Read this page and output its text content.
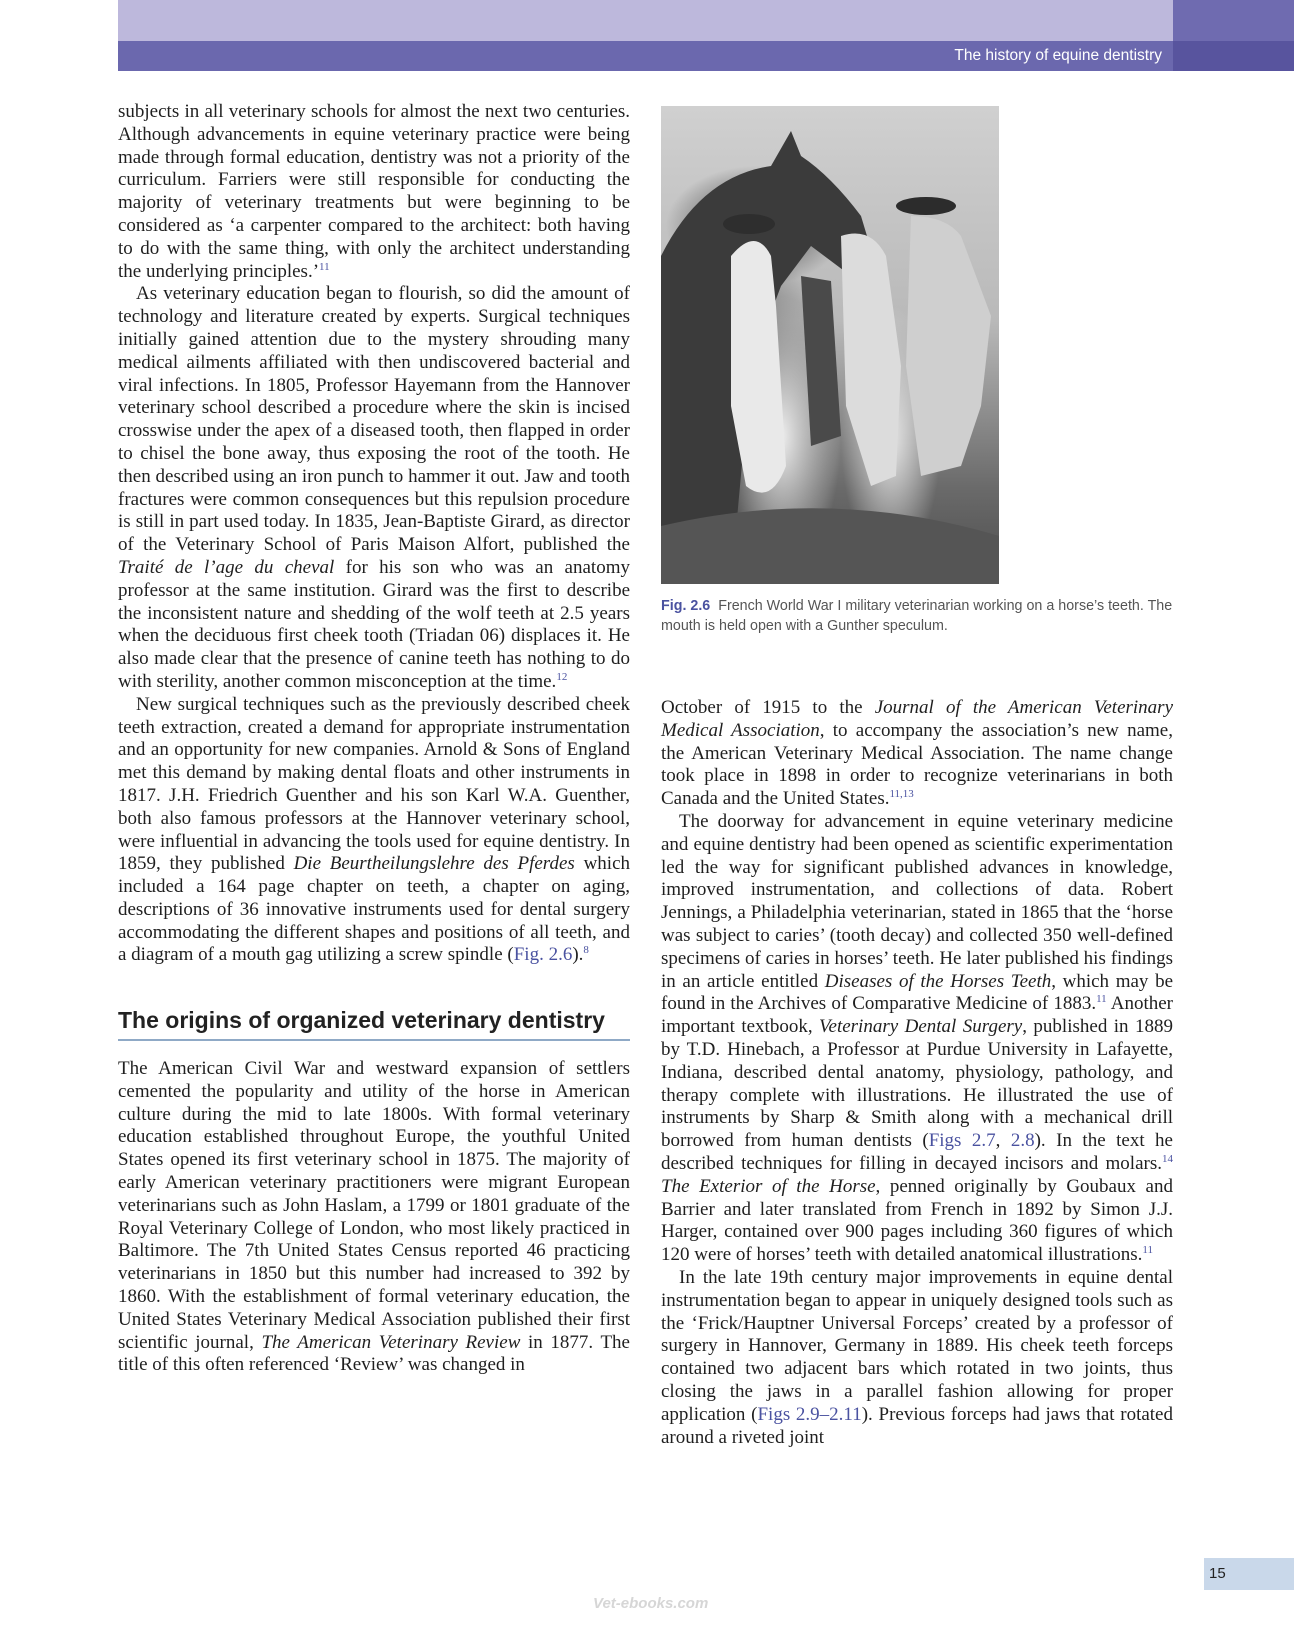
The history of equine dentistry

subjects in all veterinary schools for almost the next two centuries. Although advancements in equine veterinary practice were being made through formal education, dentistry was not a priority of the curriculum. Farriers were still responsible for conducting the majority of veterinary treatments but were beginning to be considered as ‘a carpenter compared to the architect: both having to do with the same thing, with only the architect understanding the underlying principles.’$^{11}$

As veterinary education began to flourish, so did the amount of technology and literature created by experts. Surgical techniques initially gained attention due to the mystery shrouding many medical ailments affiliated with then undiscovered bacterial and viral infections. In 1805, Professor Hayemann from the Hannover veterinary school described a procedure where the skin is incised crosswise under the apex of a diseased tooth, then flapped in order to chisel the bone away, thus exposing the root of the tooth. He then described using an iron punch to hammer it out. Jaw and tooth fractures were common consequences but this repulsion procedure is still in part used today. In 1835, Jean-Baptiste Girard, as director of the Veterinary School of Paris Maison Alfort, published the Traité de l’age du cheval for his son who was an anatomy professor at the same institution. Girard was the first to describe the inconsistent nature and shedding of the wolf teeth at 2.5 years when the deciduous first cheek tooth (Triadan 06) displaces it. He also made clear that the presence of canine teeth has nothing to do with sterility, another common misconception at the time.$^{12}$

New surgical techniques such as the previously described cheek teeth extraction, created a demand for appropriate instrumentation and an opportunity for new companies. Arnold & Sons of England met this demand by making dental floats and other instruments in 1817. J.H. Friedrich Guenther and his son Karl W.A. Guenther, both also famous professors at the Hannover veterinary school, were influential in advancing the tools used for equine dentistry. In 1859, they published Die Beurtheilungslehre des Pferdes which included a 164 page chapter on teeth, a chapter on aging, descriptions of 36 innovative instruments used for dental surgery accommodating the different shapes and positions of all teeth, and a diagram of a mouth gag utilizing a screw spindle (Fig. 2.6).$^8$

The origins of organized veterinary dentistry

The American Civil War and westward expansion of settlers cemented the popularity and utility of the horse in American culture during the mid to late 1800s. With formal veterinary education established throughout Europe, the youthful United States opened its first veterinary school in 1875. The majority of early American veterinary practitioners were migrant European veterinarians such as John Haslam, a 1799 or 1801 graduate of the Royal Veterinary College of London, who most likely practiced in Baltimore. The 7th United States Census reported 46 practicing veterinarians in 1850 but this number had increased to 392 by 1860. With the establishment of formal veterinary education, the United States Veterinary Medical Association published their first scientific journal, The American Veterinary Review in 1877. The title of this often referenced ‘Review’ was changed in

Fig. 2.6 French World War I military veterinarian working on a horse’s teeth. The mouth is held open with a Gunther speculum.

October of 1915 to the Journal of the American Veterinary Medical Association, to accompany the association’s new name, the American Veterinary Medical Association. The name change took place in 1898 in order to recognize veterinarians in both Canada and the United States.$^{11,13}$

The doorway for advancement in equine veterinary medicine and equine dentistry had been opened as scientific experimentation led the way for significant published advances in knowledge, improved instrumentation, and collections of data. Robert Jennings, a Philadelphia veterinarian, stated in 1865 that the ‘horse was subject to caries’ (tooth decay) and collected 350 well-defined specimens of caries in horses’ teeth. He later published his findings in an article entitled Diseases of the Horses Teeth, which may be found in the Archives of Comparative Medicine of 1883.11 Another important textbook, Veterinary Dental Surgery, published in 1889 by T.D. Hinebach, a Professor at Purdue University in Lafayette, Indiana, described dental anatomy, physiology, pathology, and therapy complete with illustrations. He illustrated the use of instruments by Sharp & Smith along with a mechanical drill borrowed from human dentists (Figs 2.7, 2.8). In the text he described techniques for filling in decayed incisors and molars.$^{14}$ The Exterior of the Horse, penned originally by Goubaux and Barrier and later translated from French in 1892 by Simon J.J. Harger, contained over 900 pages including 360 figures of which 120 were of horses’ teeth with detailed anatomical illustrations.$^{11}$

In the late 19th century major improvements in equine dental instrumentation began to appear in uniquely designed tools such as the ‘Frick/Hauptner Universal Forceps’ created by a professor of surgery in Hannover, Germany in 1889. His cheek teeth forceps contained two adjacent bars which rotated in two joints, thus closing the jaws in a parallel fashion allowing for proper application (Figs 2.9–2.11). Previous forceps had jaws that rotated around a riveted joint

15
Vet-ebooks.com
